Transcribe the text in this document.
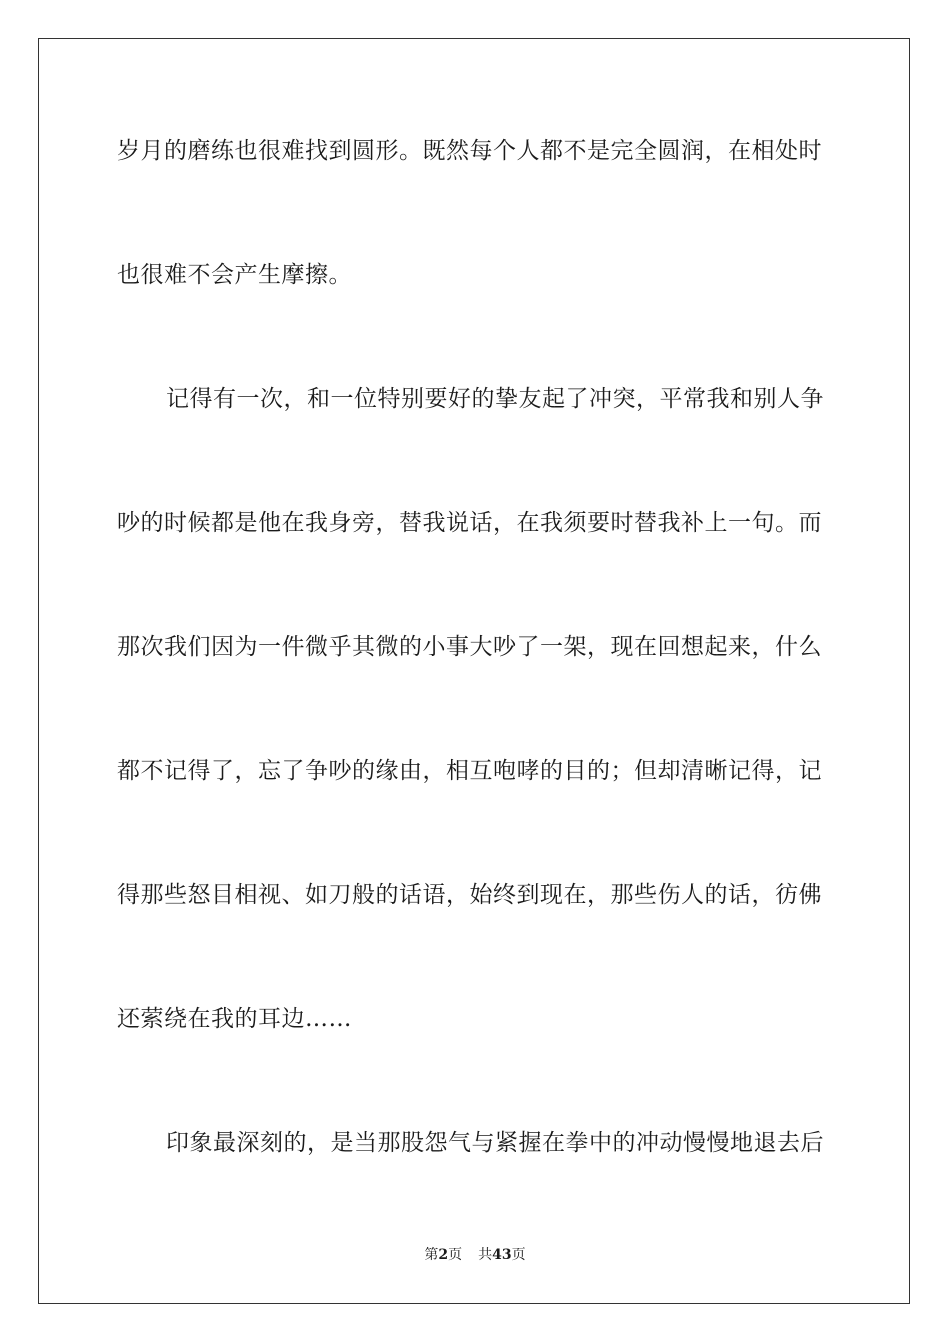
岁月的磨练也很难找到圆形。既然每个人都不是完全圆润，在相处时
也很难不会产生摩擦。
记得有一次，和一位特别要好的挚友起了冲突，平常我和别人争
吵的时候都是他在我身旁，替我说话，在我须要时替我补上一句。而
那次我们因为一件微乎其微的小事大吵了一架，现在回想起来，什么
都不记得了，忘了争吵的缘由，相互咆哮的目的；但却清晰记得，记
得那些怒目相视、如刀般的话语，始终到现在，那些伤人的话，彷佛
还萦绕在我的耳边……
印象最深刻的，是当那股怨气与紧握在拳中的冲动慢慢地退去后
第2页 共43页
